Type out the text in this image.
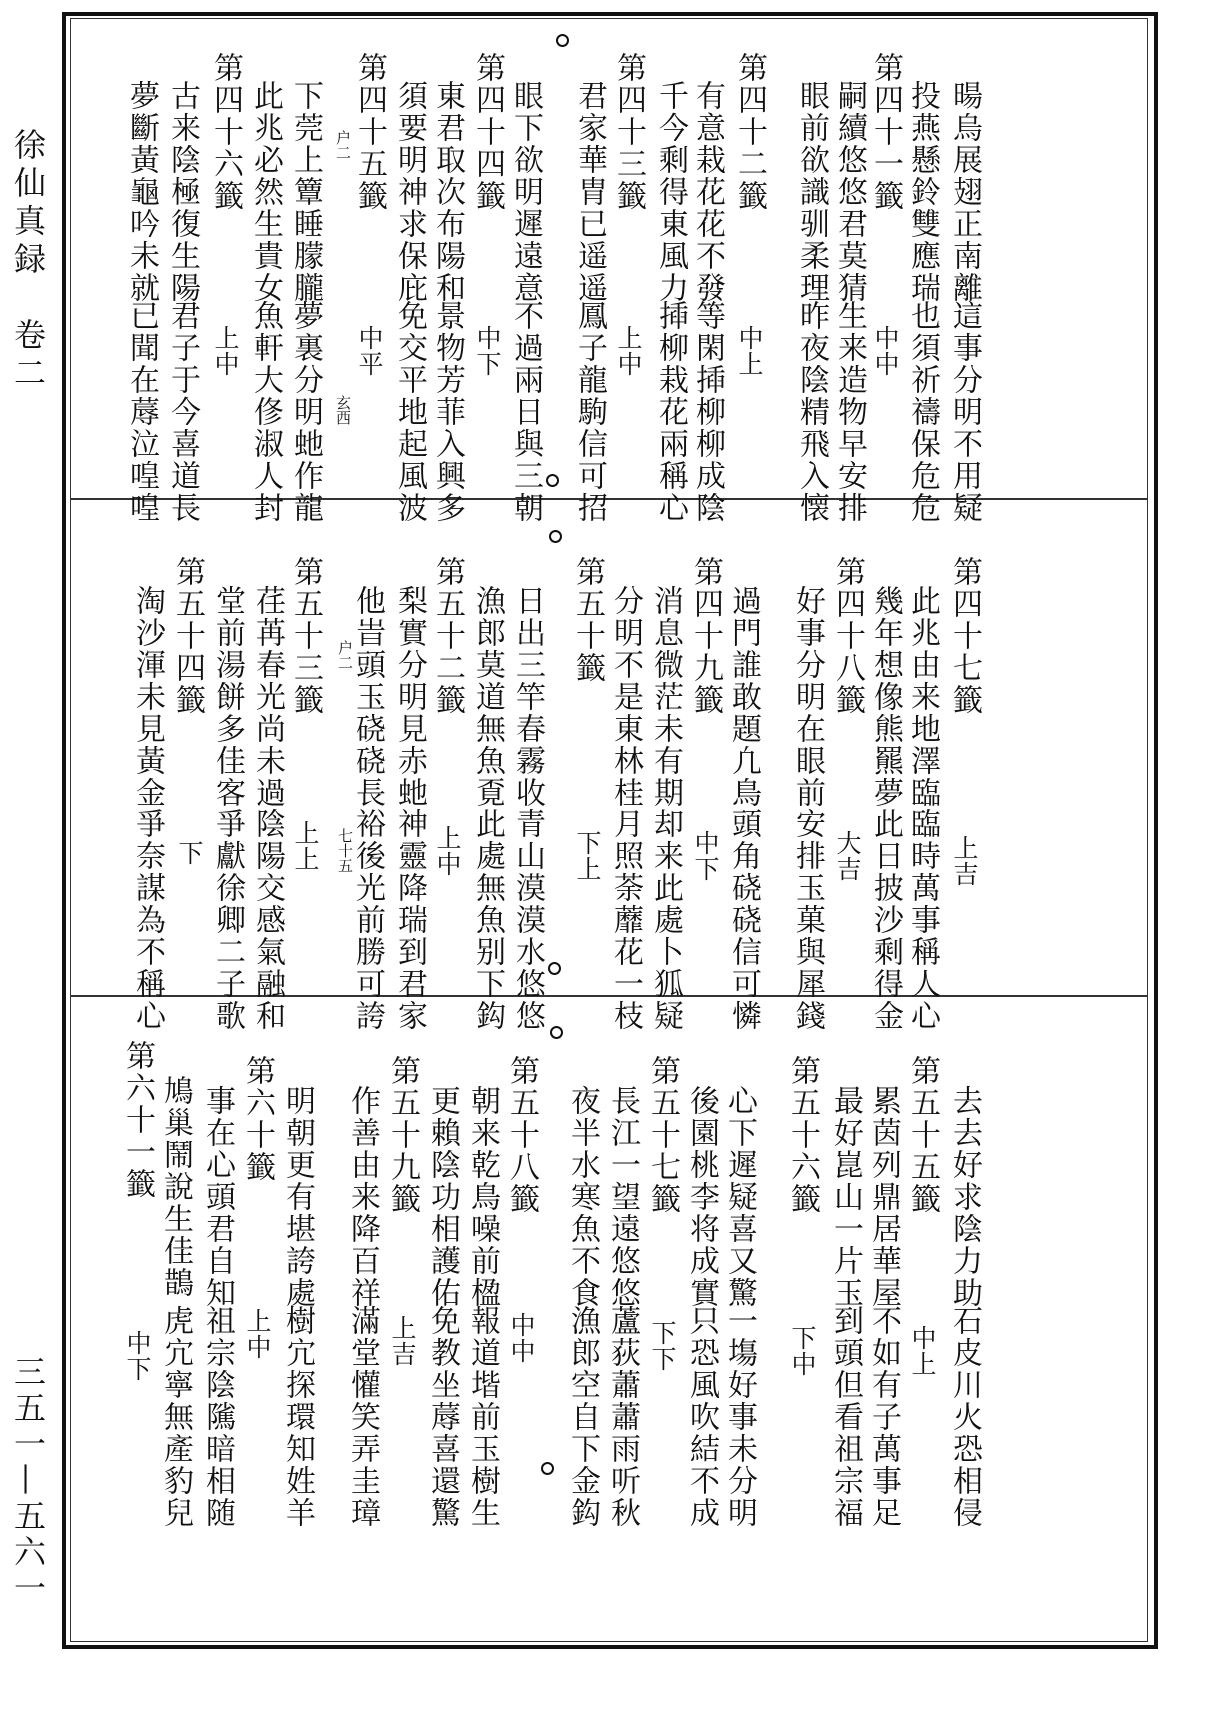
徐仙真録　卷二
三五一—五六一
暘烏展翅正南離
這事分明不用疑
投燕懸鈴雙應瑞
也須祈禱保危危
第四十一籤
中中
嗣續悠悠君莫猜
生来造物早安排
眼前欲識驯柔理
昨夜陰精飛入懐
第四十二籤
中上
有意栽花花不發
等閑揷柳柳成陰
千今剩得東風力
揷柳栽花兩稱心
第四十三籤
上中
君家華胄已遥遥
鳳子龍駒信可招
眼下欲明遲遠意
不過兩日與三朝
第四十四籤
中下
東君取次布陽和
景物芳菲入興多
須要明神求保庇
免交平地起風波
第四十五籤
中平
下莞上簟睡朦朧
夢裏分明虵作龍
户二
玄西
此兆必然生貴女
魚軒大俢淑人封
第四十六籤
上中
古来陰極復生陽
君子于今喜道長
夢斷黃龜吟未就
已聞在蓐泣喤喤
第四十七籤
此兆由来地澤臨
臨時萬事稱人心 上吉
幾年想像熊羆夢
此日披沙剩得金
第四十八籤
大吉
好事分明在眼前
安排玉菓與犀錢
過門誰敢題凢鳥
頭角硗硗信可憐
第四十九籤
中下
消息微茫未有期
却来此處卜狐疑
分明不是東林桂
月照荼蘼花一枝
第五十籤
下上
日出三竿春霧收
青山漠漠水悠悠
漁郎莫道無魚覔
此處無魚别下鈎
第五十二籤
上中
梨實分明見赤虵
神靈降瑞到君家
他旹頭玉硗硗長
裕後光前勝可誇
户二
七十五
第五十三籤
上上
荏苒春光尚未過
陰陽交感氣融和
堂前湯餅多佳客
爭獻徐卿二子歌
第五十四籤
下
淘沙渾未見黃金
爭奈謀為不稱心
去去好求陰力助
石皮川火恐相侵
第五十五籤
中上
累茵列鼎居華屋
不如有子萬事足
最好崑山一片玉
到頭但看祖宗福
第五十六籤
下中
心下遲疑喜又驚
一塲好事未分明
後園桃李将成實
只恐風吹結不成
第五十七籤
下下
長江一望遠悠悠
蘆荻蕭蕭雨听秋
夜半水寒魚不食
漁郎空自下金鈎
第五十八籤
中中
朝来乾鳥噪前楹
報道堦前玉樹生
更賴陰功相護佑
免教坐蓐喜還驚
第五十九籤
上吉
作善由来降百祥
滿堂懽笑弄圭璋
明朝更有堪誇處
樹宂探環知姓羊
第六十籤
上中
事在心頭君自知
祖宗陰隲暗相随
第六十一籤
中下
鳩巢鬧說生佳鵲
虎宂寧無產豹兒
